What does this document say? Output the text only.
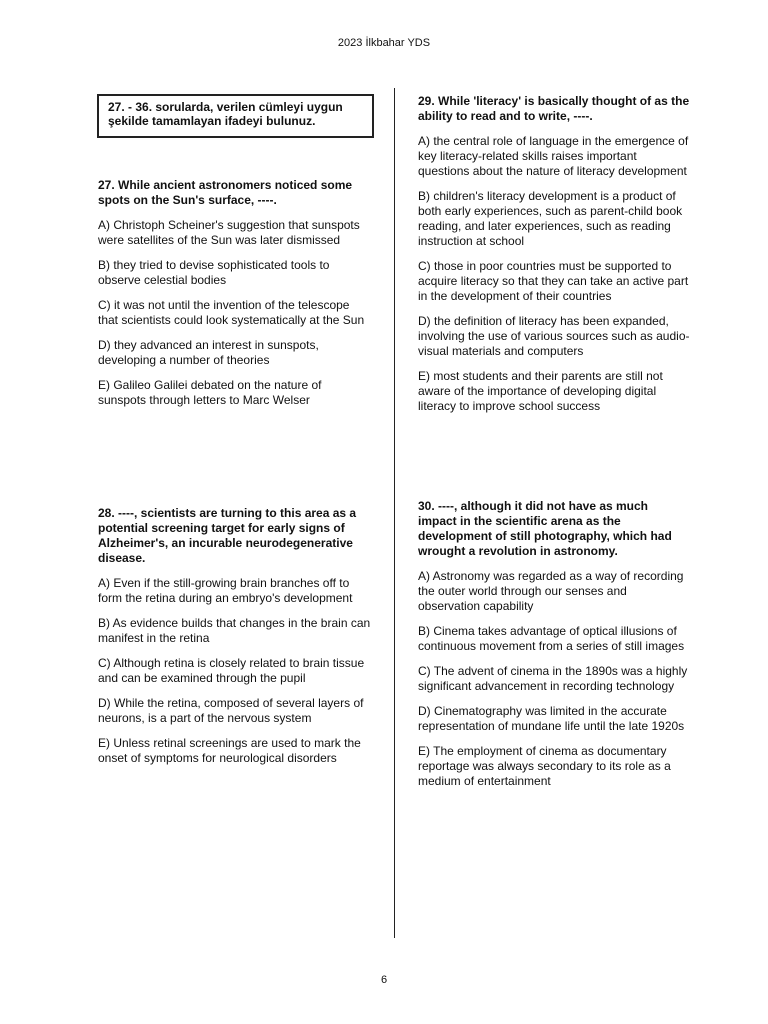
2023 İlkbahar YDS
27. - 36. sorularda, verilen cümleyi uygun şekilde tamamlayan ifadeyi bulunuz.
27. While ancient astronomers noticed some spots on the Sun's surface, ----.
A) Christoph Scheiner's suggestion that sunspots were satellites of the Sun was later dismissed
B) they tried to devise sophisticated tools to observe celestial bodies
C) it was not until the invention of the telescope that scientists could look systematically at the Sun
D) they advanced an interest in sunspots, developing a number of theories
E) Galileo Galilei debated on the nature of sunspots through letters to Marc Welser
28. ----, scientists are turning to this area as a potential screening target for early signs of Alzheimer's, an incurable neurodegenerative disease.
A) Even if the still-growing brain branches off to form the retina during an embryo's development
B) As evidence builds that changes in the brain can manifest in the retina
C) Although retina is closely related to brain tissue and can be examined through the pupil
D) While the retina, composed of several layers of neurons, is a part of the nervous system
E) Unless retinal screenings are used to mark the onset of symptoms for neurological disorders
29. While 'literacy' is basically thought of as the ability to read and to write, ----.
A) the central role of language in the emergence of key literacy-related skills raises important questions about the nature of literacy development
B) children's literacy development is a product of both early experiences, such as parent-child book reading, and later experiences, such as reading instruction at school
C) those in poor countries must be supported to acquire literacy so that they can take an active part in the development of their countries
D) the definition of literacy has been expanded, involving the use of various sources such as audio-visual materials and computers
E) most students and their parents are still not aware of the importance of developing digital literacy to improve school success
30. ----, although it did not have as much impact in the scientific arena as the development of still photography, which had wrought a revolution in astronomy.
A) Astronomy was regarded as a way of recording the outer world through our senses and observation capability
B) Cinema takes advantage of optical illusions of continuous movement from a series of still images
C) The advent of cinema in the 1890s was a highly significant advancement in recording technology
D) Cinematography was limited in the accurate representation of mundane life until the late 1920s
E) The employment of cinema as documentary reportage was always secondary to its role as a medium of entertainment
6
